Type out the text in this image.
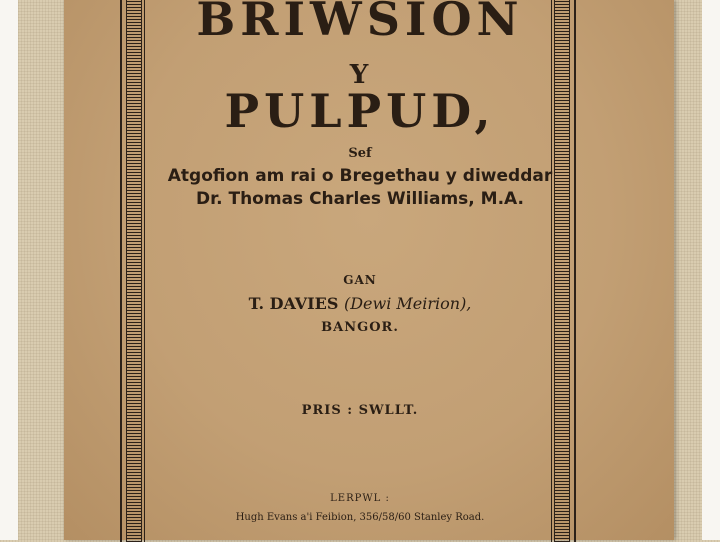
BRIWSION
Y
PULPUD,
Sef
Atgofion am rai o Bregethau y diweddar
Dr. Thomas Charles Williams, M.A.
GAN
T. DAVIES (Dewi Meirion),
BANGOR.
PRIS : SWLLT.
LERPWL :
Hugh Evans a'i Feibion, 356/58/60 Stanley Road.
